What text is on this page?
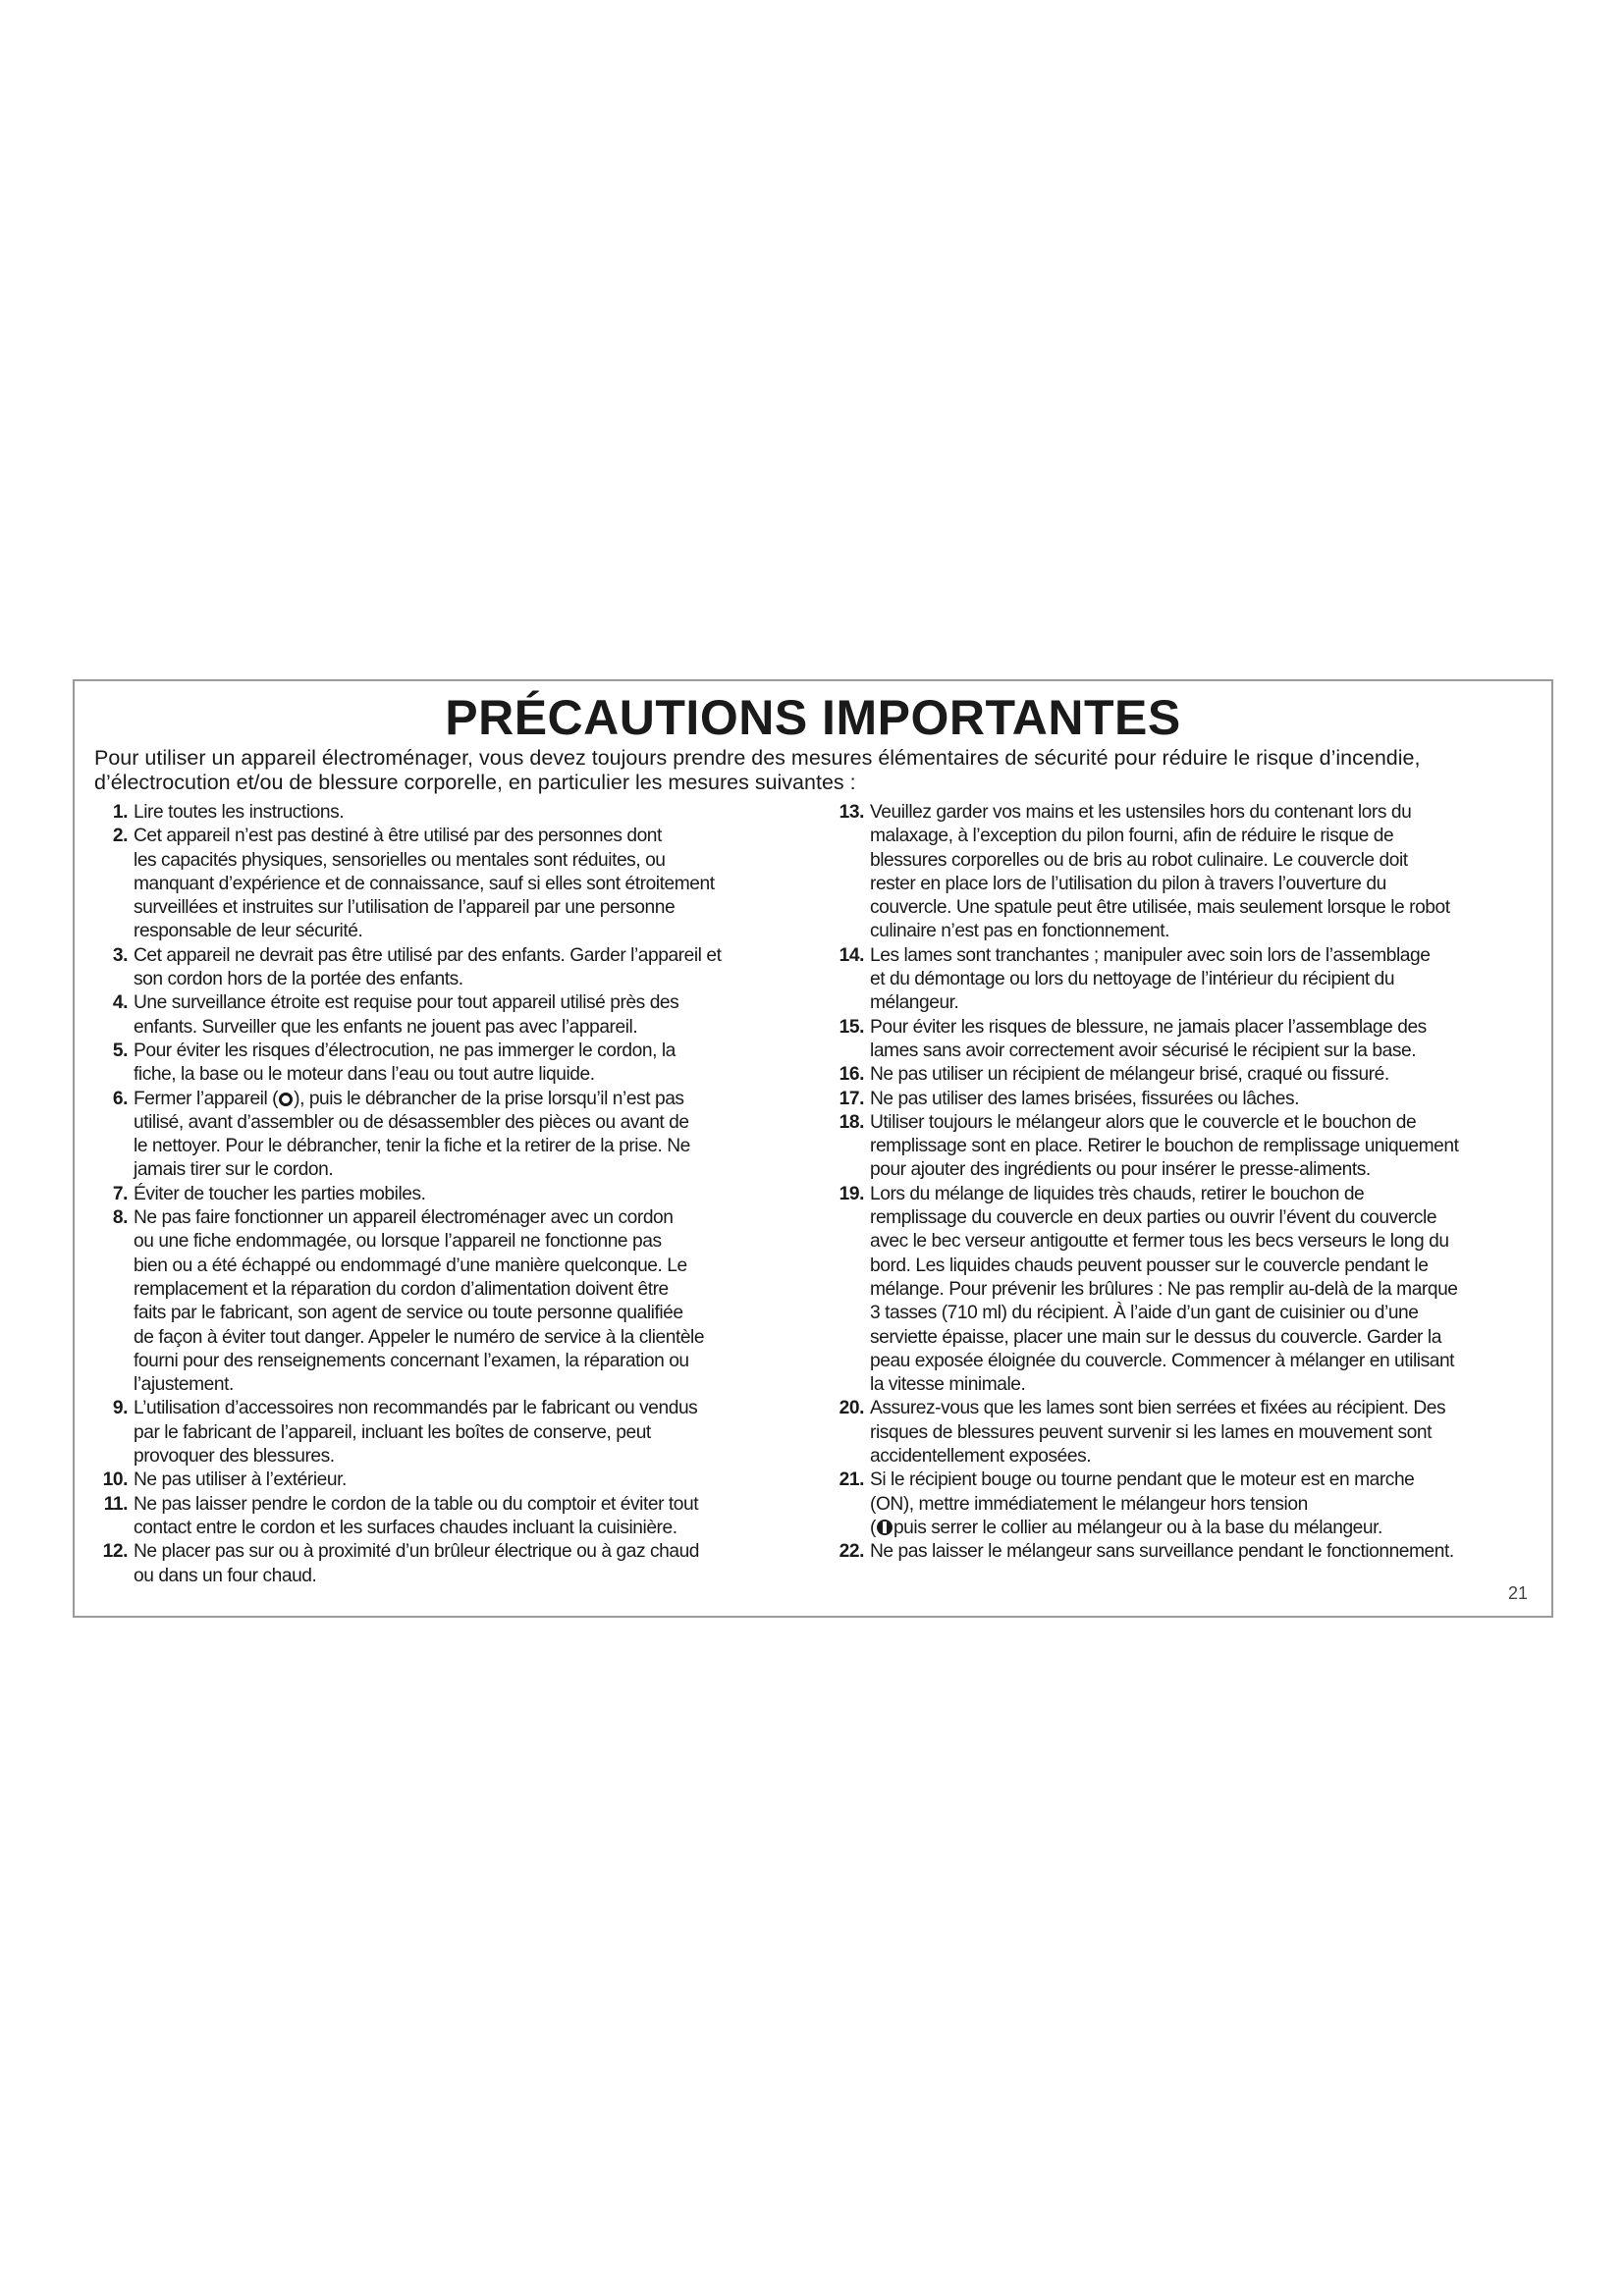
PRÉCAUTIONS IMPORTANTES
Pour utiliser un appareil électroménager, vous devez toujours prendre des mesures élémentaires de sécurité pour réduire le risque d’incendie, d’électrocution et/ou de blessure corporelle, en particulier les mesures suivantes :
1. Lire toutes les instructions.
2. Cet appareil n’est pas destiné à être utilisé par des personnes dont
les capacités physiques, sensorielles ou mentales sont réduites, ou
manquant d’expérience et de connaissance, sauf si elles sont étroitement
surveillées et instruites sur l’utilisation de l’appareil par une personne
responsable de leur sécurité.
3. Cet appareil ne devrait pas être utilisé par des enfants. Garder l’appareil et
son cordon hors de la portée des enfants.
4. Une surveillance étroite est requise pour tout appareil utilisé près des
enfants. Surveiller que les enfants ne jouent pas avec l’appareil.
5. Pour éviter les risques d’électrocution, ne pas immerger le cordon, la
fiche, la base ou le moteur dans l’eau ou tout autre liquide.
6. Fermer l’appareil ( ), puis le débrancher de la prise lorsqu’il n’est pas
utilisé, avant d’assembler ou de désassembler des pièces ou avant de
le nettoyer. Pour le débrancher, tenir la fiche et la retirer de la prise. Ne
jamais tirer sur le cordon.
7. Éviter de toucher les parties mobiles.
8. Ne pas faire fonctionner un appareil électroménager avec un cordon
ou une fiche endommagée, ou lorsque l’appareil ne fonctionne pas
bien ou a été échappé ou endommagé d’une manière quelconque. Le
remplacement et la réparation du cordon d’alimentation doivent être
faits par le fabricant, son agent de service ou toute personne qualifiée
de façon à éviter tout danger. Appeler le numéro de service à la clientèle
fourni pour des renseignements concernant l’examen, la réparation ou
l’ajustement.
9. L’utilisation d’accessoires non recommandés par le fabricant ou vendus
par le fabricant de l’appareil, incluant les boîtes de conserve, peut
provoquer des blessures.
10. Ne pas utiliser à l’extérieur.
11. Ne pas laisser pendre le cordon de la table ou du comptoir et éviter tout
contact entre le cordon et les surfaces chaudes incluant la cuisinière.
12. Ne placer pas sur ou à proximité d’un brûleur électrique ou à gaz chaud
ou dans un four chaud.
13. Veuillez garder vos mains et les ustensiles hors du contenant lors du
malaxage, à l’exception du pilon fourni, afin de réduire le risque de
blessures corporelles ou de bris au robot culinaire. Le couvercle doit
rester en place lors de l’utilisation du pilon à travers l’ouverture du
couvercle. Une spatule peut être utilisée, mais seulement lorsque le robot
culinaire n’est pas en fonctionnement.
14. Les lames sont tranchantes ; manipuler avec soin lors de l’assemblage
et du démontage ou lors du nettoyage de l’intérieur du récipient du
mélangeur.
15. Pour éviter les risques de blessure, ne jamais placer l’assemblage des
lames sans avoir correctement avoir sécurisé le récipient sur la base.
16. Ne pas utiliser un récipient de mélangeur brisé, craqué ou fissuré.
17. Ne pas utiliser des lames brisées, fissurées ou lâches.
18. Utiliser toujours le mélangeur alors que le couvercle et le bouchon de
remplissage sont en place. Retirer le bouchon de remplissage uniquement
pour ajouter des ingrédients ou pour insérer le presse-aliments.
19. Lors du mélange de liquides très chauds, retirer le bouchon de
remplissage du couvercle en deux parties ou ouvrir l’évent du couvercle
avec le bec verseur antigoutte et fermer tous les becs verseurs le long du
bord. Les liquides chauds peuvent pousser sur le couvercle pendant le
mélange. Pour prévenir les brûlures : Ne pas remplir au-delà de la marque
3 tasses (710 ml) du récipient. À l’aide d’un gant de cuisinier ou d’une
serviette épaisse, placer une main sur le dessus du couvercle. Garder la
peau exposée éloignée du couvercle. Commencer à mélanger en utilisant
la vitesse minimale.
20. Assurez-vous que les lames sont bien serrées et fixées au récipient. Des
risques de blessures peuvent survenir si les lames en mouvement sont
accidentellement exposées.
21. Si le récipient bouge ou tourne pendant que le moteur est en marche
(ON), mettre immédiatement le mélangeur hors tension
( puis serrer le collier au mélangeur ou à la base du mélangeur.
22. Ne pas laisser le mélangeur sans surveillance pendant le fonctionnement.
21
